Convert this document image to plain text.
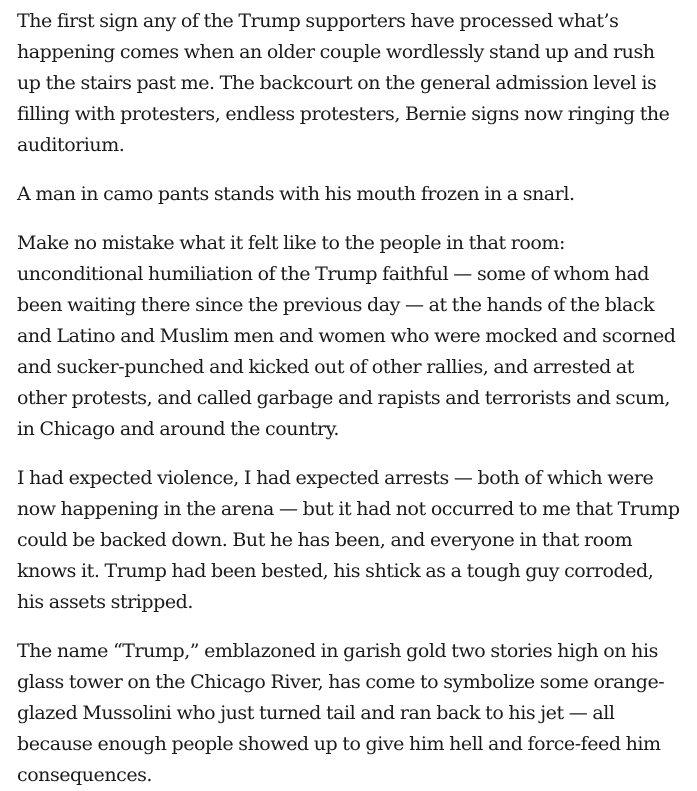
The first sign any of the Trump supporters have processed what’s happening comes when an older couple wordlessly stand up and rush up the stairs past me. The backcourt on the general admission level is filling with protesters, endless protesters, Bernie signs now ringing the auditorium.

A man in camo pants stands with his mouth frozen in a snarl.

Make no mistake what it felt like to the people in that room: unconditional humiliation of the Trump faithful — some of whom had been waiting there since the previous day — at the hands of the black and Latino and Muslim men and women who were mocked and scorned and sucker-punched and kicked out of other rallies, and arrested at other protests, and called garbage and rapists and terrorists and scum, in Chicago and around the country.

I had expected violence, I had expected arrests — both of which were now happening in the arena — but it had not occurred to me that Trump could be backed down. But he has been, and everyone in that room knows it. Trump had been bested, his shtick as a tough guy corroded, his assets stripped.

The name “Trump,” emblazoned in garish gold two stories high on his glass tower on the Chicago River, has come to symbolize some orange-glazed Mussolini who just turned tail and ran back to his jet — all because enough people showed up to give him hell and force-feed him consequences.
